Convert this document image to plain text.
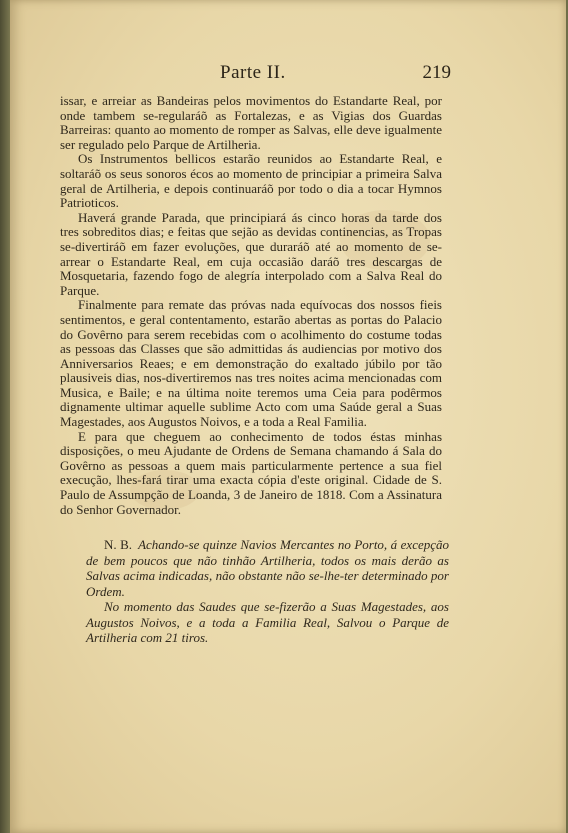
Parte II.	219

issar, e arreiar as Bandeiras pelos movimentos do Estandarte Real, por onde tambem se-regularáõ as Fortalezas, e as Vigias dos Guardas Barreiras: quanto ao momento de romper as Salvas, elle deve igualmente ser regulado pelo Parque de Artilheria.

Os Instrumentos bellicos estarão reunidos ao Estandarte Real, e soltaráõ os seus sonoros écos ao momento de principiar a primeira Salva geral de Artilheria, e depois continuaráõ por todo o dia a tocar Hymnos Patrioticos.

Haverá grande Parada, que principiará ás cinco horas da tarde dos tres sobreditos dias; e feitas que sejão as devidas continencias, as Tropas se-divertiráõ em fazer evoluções, que duraráõ até ao momento de se-arrear o Estandarte Real, em cuja occasião daráõ tres descargas de Mosquetaria, fazendo fogo de alegría interpolado com a Salva Real do Parque.

Finalmente para remate das próvas nada equívocas dos nossos fieis sentimentos, e geral contentamento, estarão abertas as portas do Palacio do Govêrno para serem recebidas com o acolhimento do costume todas as pessoas das Classes que são admittidas ás audiencias por motivo dos Anniversarios Reaes; e em demonstração do exaltado júbilo por tão plausiveis dias, nos-divertiremos nas tres noites acima mencionadas com Musica, e Baile; e na última noite teremos uma Ceia para podêrmos dignamente ultimar aquelle sublime Acto com uma Saúde geral a Suas Magestades, aos Augustos Noivos, e a toda a Real Familia.

E para que cheguem ao conhecimento de todos éstas minhas disposições, o meu Ajudante de Ordens de Semana chamando á Sala do Govêrno as pessoas a quem mais particularmente pertence a sua fiel execução, lhes-fará tirar uma exacta cópia d'este original. Cidade de S. Paulo de Assumpção de Loanda, 3 de Janeiro de 1818. Com a Assinatura do Senhor Governador.

N. B. Achando-se quinze Navios Mercantes no Porto, á excepção de bem poucos que não tinhão Artilheria, todos os mais derão as Salvas acima indicadas, não obstante não se-lhe-ter determinado por Ordem.

No momento das Saudes que se-fizerão a Suas Magestades, aos Augustos Noivos, e a toda a Familia Real, Salvou o Parque de Artilheria com 21 tiros.
